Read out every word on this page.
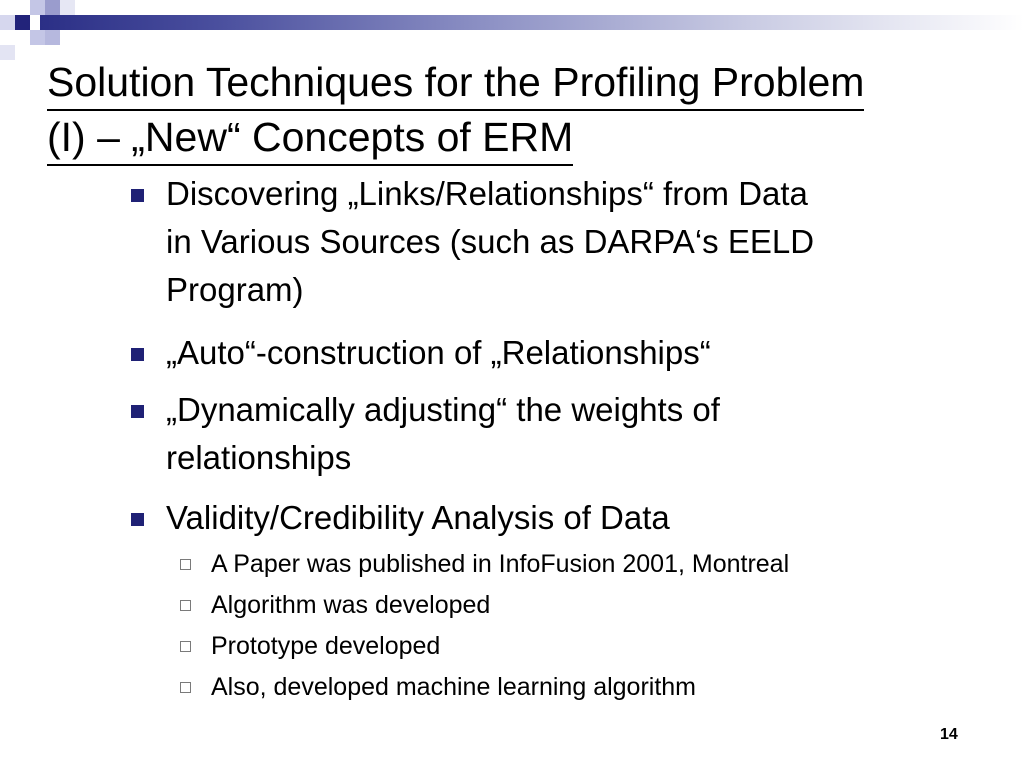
Solution Techniques for the Profiling Problem
(I) – „New“ Concepts of ERM

Discovering „Links/Relationships“ from Data
in Various Sources (such as DARPA‘s EELD
Program)

„Auto“-construction of „Relationships“

„Dynamically adjusting“ the weights of
relationships

Validity/Credibility Analysis of Data

A Paper was published in InfoFusion 2001, Montreal

Algorithm was developed

Prototype developed

Also, developed machine learning algorithm

14
